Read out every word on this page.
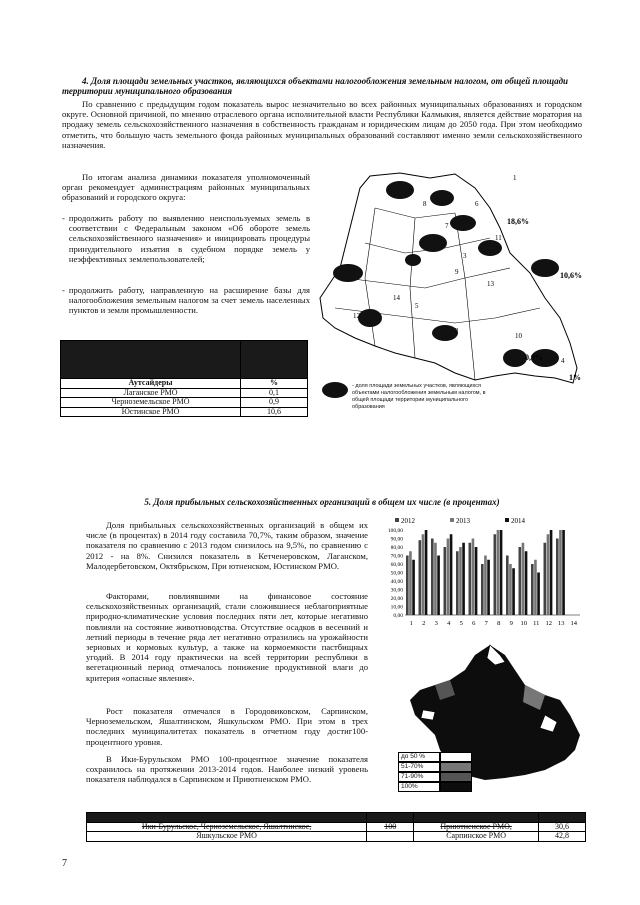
4. Доля площади земельных участков, являющихся объектами налогообложения земельным налогом, от общей площади территории муниципального образования

По сравнению с предыдущим годом показатель вырос незначительно во всех районных муниципальных образованиях и городском округе. Основной причиной, по мнению отраслевого органа исполнительной власти Республики Калмыкия, является действие моратория на продажу земель сельскохозяйственного назначения в собственность гражданам и юридическим лицам до 2050 года. При этом необходимо отметить, что большую часть земельного фонда районных муниципальных образований составляют именно земли сельскохозяйственного назначения.

По итогам анализа динамики показателя уполномоченный орган рекомендует администрациям районных муниципальных образований и городского округа:

- продолжить работу по выявлению неиспользуемых земель в соответствии с Федеральным законом «Об обороте земель сельскохозяйственного назначения» и инициировать процедуры принудительного изъятия в судебном порядке земель у неэффективных землепользователей;
- продолжить работу, направленную на расширение базы для налогообложения земельным налогом за счет земель населенных пунктов и земли промышленности.

Аутсайдеры	%
Лаганское РМО	0,1
Черноземельское РМО	0,9
Юстинское РМО	10,6
8	6
7
11
3
9
13
14
12
5
2
10
4
1
18,6%
10,6%
0,9%
1%
- доля площади земельных участков, являющихся объектами налогообложения земельным налогом, в общей площади территории муниципального образования
5. Доля прибыльных сельскохозяйственных организаций в общем их числе (в процентах)

Доля прибыльных сельскохозяйственных организаций в общем их числе (в процентах) в 2014 году составила 70,7%, таким образом, значение показателя по сравнению с 2013 годом снизилось на 9,5%, по сравнению с 2012 - на 8%. Снизился показатель в Кетченеровском, Лаганском, Малодербетовском, Октябрьском, При ютненском, Юстинском РМО.

Факторами, повлиявшими на финансовое состояние сельскохозяйственных организаций, стали сложившиеся неблагоприятные природно-климатические условия последних пяти лет, которые негативно повлияли на состояние животноводства. Отсутствие осадков в весенний и летний периоды в течение ряда лет негативно отразились на урожайности зерновых и кормовых культур, а также на кормоемкости пастбищных угодий. В 2014 году практически на всей территории республики в вегетационный период отмечалось понижение продуктивной влаги до критерия «опасные явления».

Рост показателя отмечался в Городовиковском, Сарпинском, Черноземельском, Яшалтинском, Яшкульском РМО. При этом в трех последних муниципалитетах показатель в отчетном году достиг100-процентного уровня.

В Ики-Бурульском РМО 100-процентное значение показателя сохранилось на протяжении 2013-2014 годов. Наиболее низкий уровень показателя наблюдался в Сарпинском и Приютненском РМО.

2012	2013	2014
100,00
90,00
80,00
70,00
60,00
50,00
40,00
30,00
20,00
10,00
0,00
1 2 3 4 5 6 7 8 9 10 11 12 13 14
до 50 %
51-70%
71-90%
100%
Лидеры	%	Аутсайдеры	%
Ики-Бурульское, Черноземельское, Яшалтинское,	100	Приютненское РМО,	30,6
Яшкульское РМО		Сарпинское РМО	42,8
7
